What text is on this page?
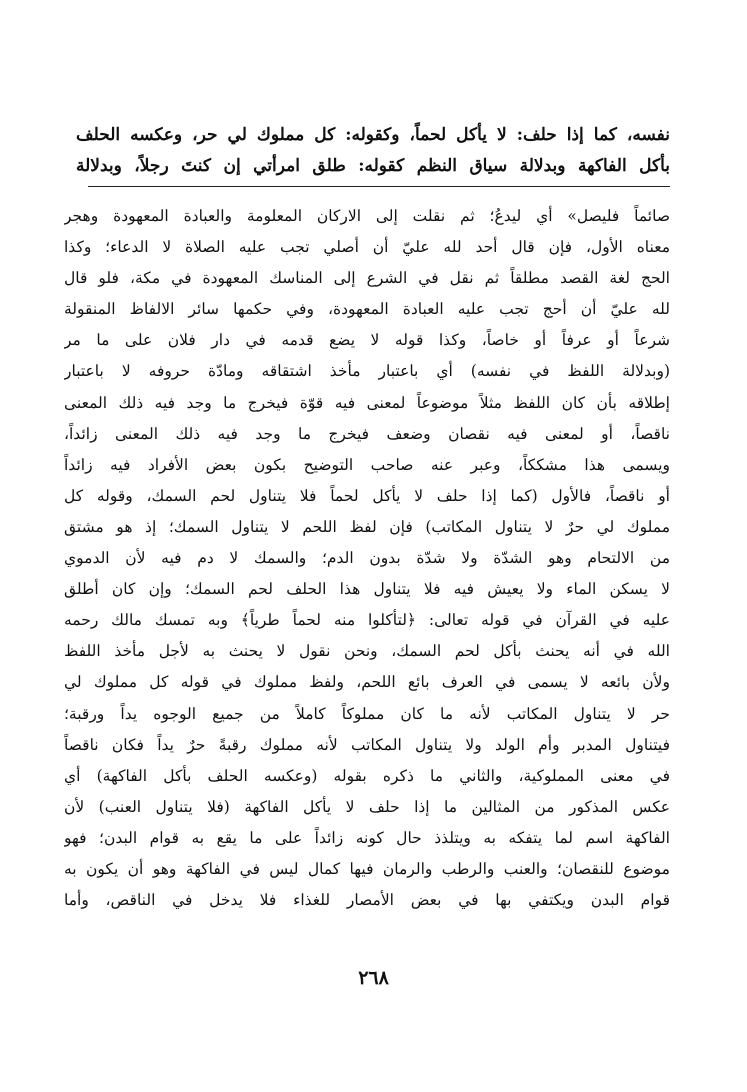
نفسه، كما إذا حلف: لا يأكل لحماً، وكقوله: كل مملوك لي حر، وعكسه الحلف
بأكل الفاكهة وبدلالة سياق النظم كقوله: طلق امرأتي إن كنتَ رجلاً، وبدلالة
صائماً فليصل» أي ليدعُ؛ ثم نقلت إلى الاركان المعلومة والعبادة المعهودة وهجر
معناه الأول، فإن قال أحد لله عليّ أن أصلي تجب عليه الصلاة لا الدعاء؛ وكذا
الحج لغة القصد مطلقاً ثم نقل في الشرع إلى المناسك المعهودة في مكة، فلو قال
لله عليّ أن أحج تجب عليه العبادة المعهودة، وفي حكمها سائر الالفاظ المنقولة
شرعاً أو عرفاً أو خاصاً، وكذا قوله لا يضع قدمه في دار فلان على ما مر
(وبدلالة اللفظ في نفسه) أي باعتبار مأخذ اشتقاقه ومادّة حروفه لا باعتبار
إطلاقه بأن كان اللفظ مثلاً موضوعاً لمعنى فيه قوّة فيخرج ما وجد فيه ذلك المعنى
ناقصاً، أو لمعنى فيه نقصان وضعف فيخرج ما وجد فيه ذلك المعنى زائداً،
ويسمى هذا مشككاً، وعبر عنه صاحب التوضيح بكون بعض الأفراد فيه زائداً
أو ناقصاً، فالأول (كما إذا حلف لا يأكل لحماً فلا يتناول لحم السمك، وقوله كل
مملوك لي حرٌ لا يتناول المكاتب) فإن لفظ اللحم لا يتناول السمك؛ إذ هو مشتق
من الالتحام وهو الشدّة ولا شدّة بدون الدم؛ والسمك لا دم فيه لأن الدموي
لا يسكن الماء ولا يعيش فيه فلا يتناول هذا الحلف لحم السمك؛ وإن كان أطلق
عليه في القرآن في قوله تعالى: ﴿لتأكلوا منه لحماً طرياً﴾ وبه تمسك مالك رحمه
الله في أنه يحنث بأكل لحم السمك، ونحن نقول لا يحنث به لأجل مأخذ اللفظ
ولأن بائعه لا يسمى في العرف بائع اللحم، ولفظ مملوك في قوله كل مملوك لي
حر لا يتناول المكاتب لأنه ما كان مملوكاً كاملاً من جميع الوجوه يداً ورقبة؛
فيتناول المدبر وأم الولد ولا يتناول المكاتب لأنه مملوك رقبةً حرٌ يداً فكان ناقصاً
في معنى المملوكية، والثاني ما ذكره بقوله (وعكسه الحلف بأكل الفاكهة) أي
عكس المذكور من المثالين ما إذا حلف لا يأكل الفاكهة (فلا يتناول العنب) لأن
الفاكهة اسم لما يتفكه به ويتلذذ حال كونه زائداً على ما يقع به قوام البدن؛ فهو
موضوع للنقصان؛ والعنب والرطب والرمان فيها كمال ليس في الفاكهة وهو أن يكون به
قوام البدن ويكتفي بها في بعض الأمصار للغذاء فلا يدخل في الناقص، وأما
٢٦٨
